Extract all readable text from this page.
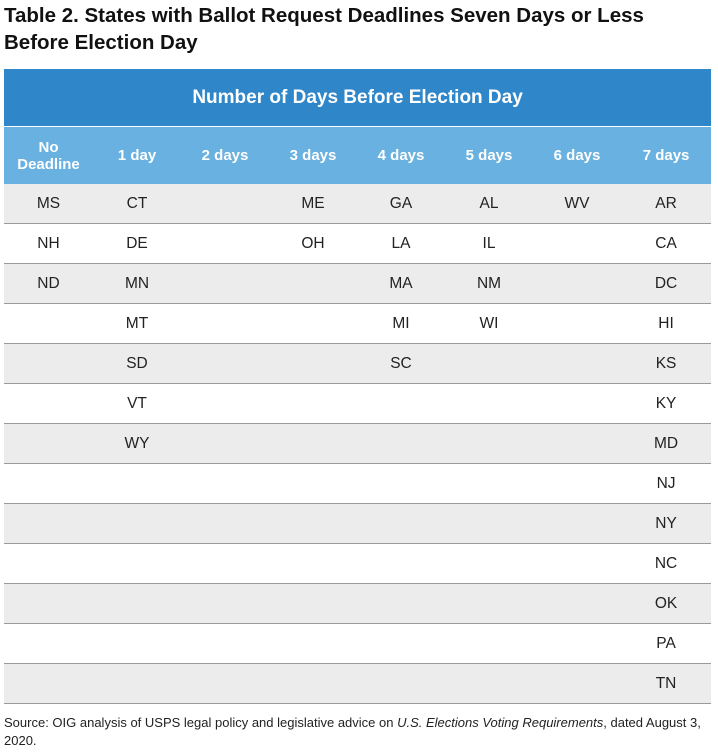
Table 2. States with Ballot Request Deadlines Seven Days or Less Before Election Day
Number of Days Before Election Day							
No Deadline	1 day	2 days	3 days	4 days	5 days	6 days	7 days
MS	CT		ME	GA	AL	WV	AR
NH	DE		OH	LA	IL		CA
ND	MN			MA	NM		DC
	MT			MI	WI		HI
	SD			SC			KS
	VT						KY
	WY						MD
							NJ
							NY
							NC
							OK
							PA
							TN
Source: OIG analysis of USPS legal policy and legislative advice on U.S. Elections Voting Requirements, dated August 3, 2020.
